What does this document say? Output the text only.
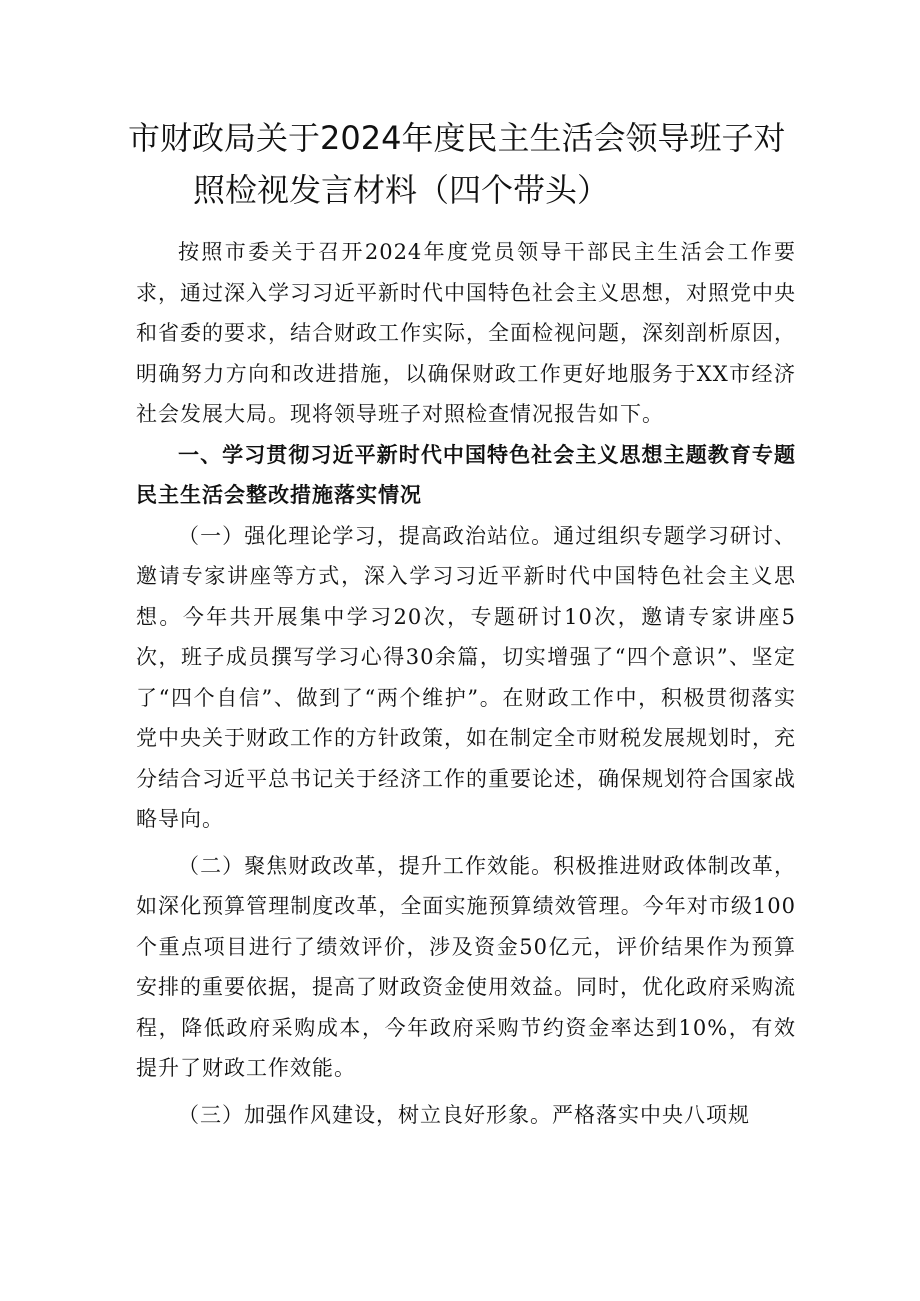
市财政局关于2024年度民主生活会领导班子对
照检视发言材料（四个带头）

按照市委关于召开2024年度党员领导干部民主生活会工作要求，通过深入学习习近平新时代中国特色社会主义思想，对照党中央和省委的要求，结合财政工作实际，全面检视问题，深刻剖析原因，明确努力方向和改进措施，以确保财政工作更好地服务于XX市经济社会发展大局。现将领导班子对照检查情况报告如下。

一、学习贯彻习近平新时代中国特色社会主义思想主题教育专题民主生活会整改措施落实情况

（一）强化理论学习，提高政治站位。通过组织专题学习研讨、邀请专家讲座等方式，深入学习习近平新时代中国特色社会主义思想。今年共开展集中学习20次，专题研讨10次，邀请专家讲座5次，班子成员撰写学习心得30余篇，切实增强了“四个意识”、坚定了“四个自信”、做到了“两个维护”。在财政工作中，积极贯彻落实党中央关于财政工作的方针政策，如在制定全市财税发展规划时，充分结合习近平总书记关于经济工作的重要论述，确保规划符合国家战略导向。

（二）聚焦财政改革，提升工作效能。积极推进财政体制改革，如深化预算管理制度改革，全面实施预算绩效管理。今年对市级100个重点项目进行了绩效评价，涉及资金50亿元，评价结果作为预算安排的重要依据，提高了财政资金使用效益。同时，优化政府采购流程，降低政府采购成本，今年政府采购节约资金率达到10%，有效提升了财政工作效能。

（三）加强作风建设，树立良好形象。严格落实中央八项规
